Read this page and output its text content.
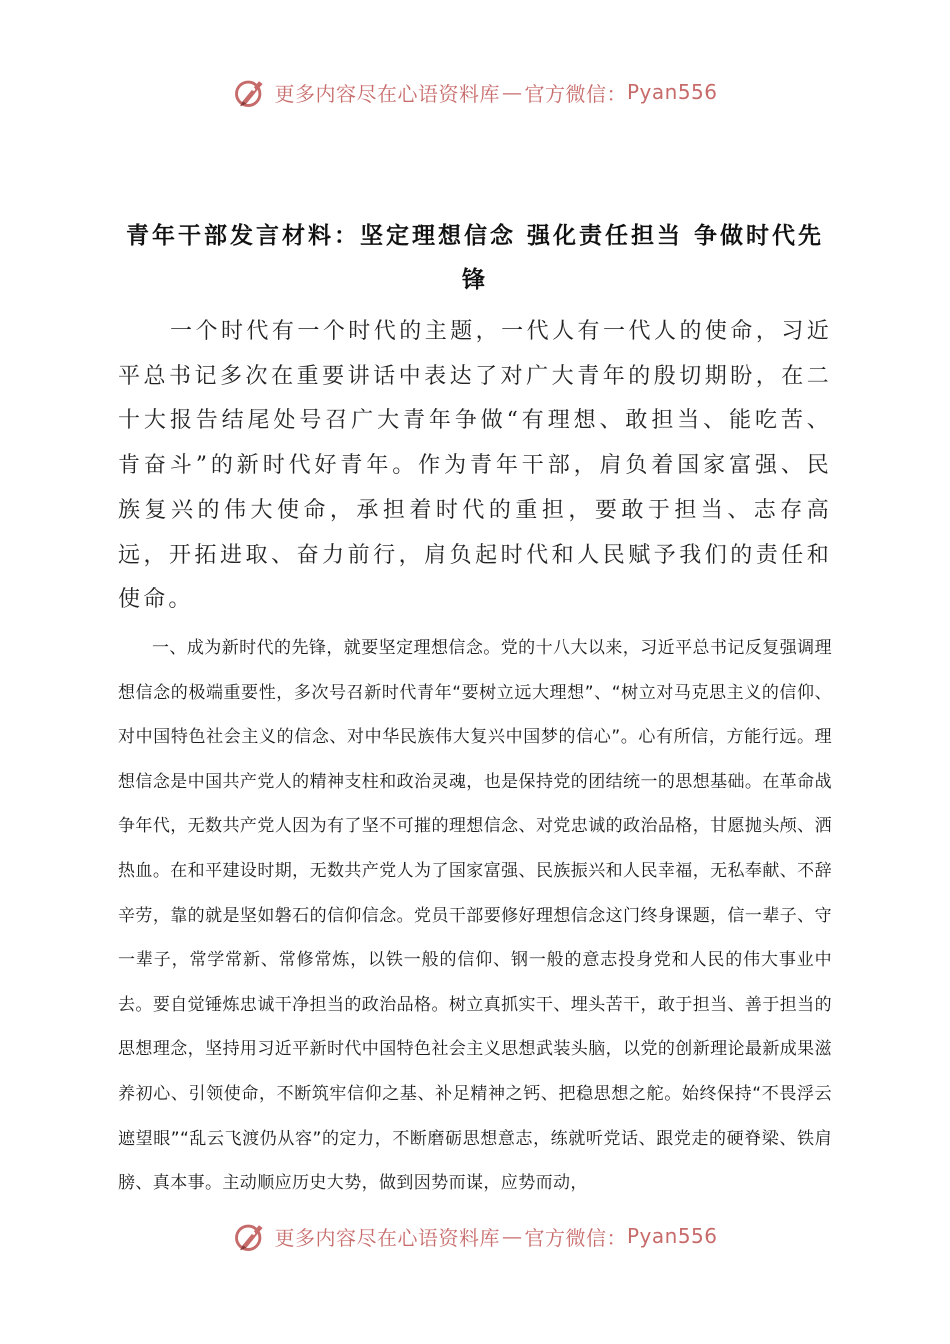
更多内容尽在心语资料库 — 官方微信： Pyan556
青年干部发言材料：坚定理想信念 强化责任担当 争做时代先锋

一个时代有一个时代的主题，一代人有一代人的使命，习近平总书记多次在重要讲话中表达了对广大青年的殷切期盼，在二十大报告结尾处号召广大青年争做“有理想、敢担当、能吃苦、肯奋斗”的新时代好青年。作为青年干部，肩负着国家富强、民族复兴的伟大使命，承担着时代的重担，要敢于担当、志存高远，开拓进取、奋力前行，肩负起时代和人民赋予我们的责任和使命。

一、成为新时代的先锋，就要坚定理想信念。党的十八大以来，习近平总书记反复强调理想信念的极端重要性，多次号召新时代青年“要树立远大理想”、“树立对马克思主义的信仰、对中国特色社会主义的信念、对中华民族伟大复兴中国梦的信心”。心有所信，方能行远。理想信念是中国共产党人的精神支柱和政治灵魂，也是保持党的团结统一的思想基础。在革命战争年代，无数共产党人因为有了坚不可摧的理想信念、对党忠诚的政治品格，甘愿抛头颅、洒热血。在和平建设时期，无数共产党人为了国家富强、民族振兴和人民幸福，无私奉献、不辞辛劳，靠的就是坚如磐石的信仰信念。党员干部要修好理想信念这门终身课题，信一辈子、守一辈子，常学常新、常修常炼，以铁一般的信仰、钢一般的意志投身党和人民的伟大事业中去。要自觉锤炼忠诚干净担当的政治品格。树立真抓实干、埋头苦干，敢于担当、善于担当的思想理念，坚持用习近平新时代中国特色社会主义思想武装头脑，以党的创新理论最新成果滋养初心、引领使命，不断筑牢信仰之基、补足精神之钙、把稳思想之舵。始终保持“不畏浮云遮望眼”“乱云飞渡仍从容”的定力，不断磨砺思想意志，练就听党话、跟党走的硬脊梁、铁肩膀、真本事。主动顺应历史大势，做到因势而谋，应势而动，

更多内容尽在心语资料库 — 官方微信： Pyan556
